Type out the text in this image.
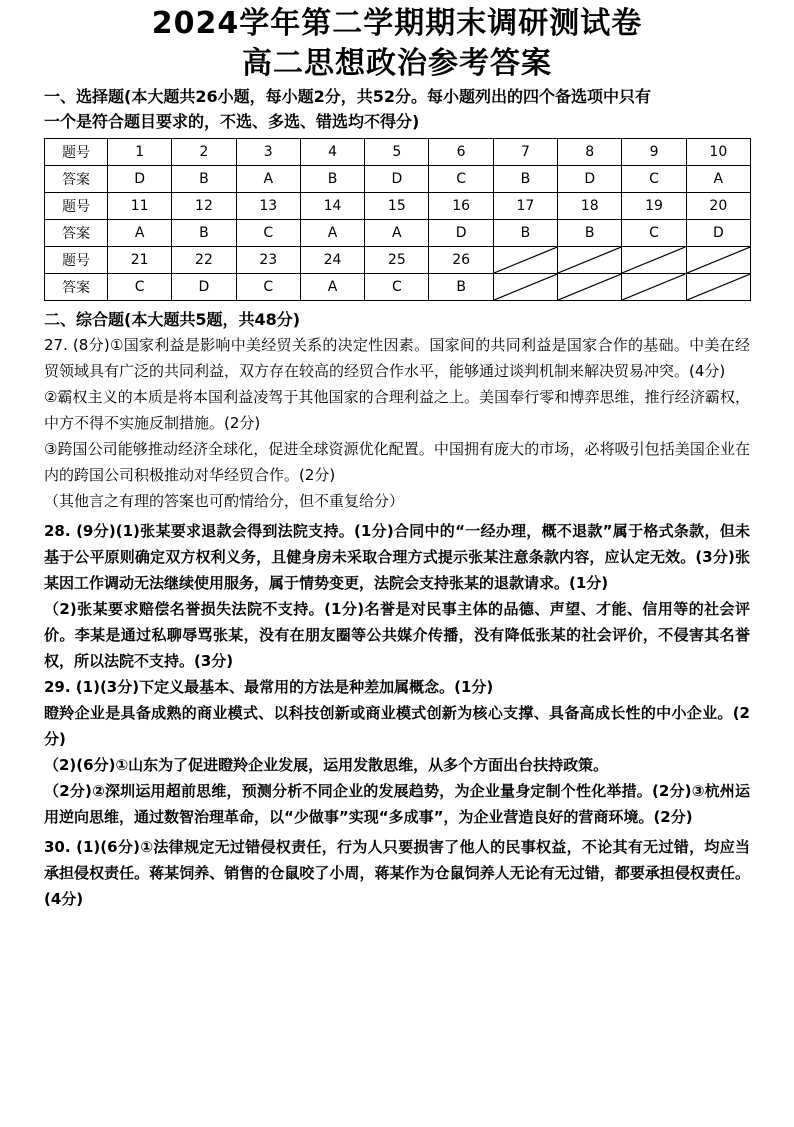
2024学年第二学期期末调研测试卷
高二思想政治参考答案
一、选择题(本大题共26小题，每小题2分，共52分。每小题列出的四个备选项中只有
一个是符合题目要求的，不选、多选、错选均不得分)
题号	1	2	3	4	5	6	7	8	9	10
答案	D	B	A	B	D	C	B	D	C	A
题号	11	12	13	14	15	16	17	18	19	20
答案	A	B	C	A	A	D	B	B	C	D
题号	21	22	23	24	25	26	

答案	C	D	C	A	C	B	

二、综合题(本大题共5题，共48分)
27. (8分)①国家利益是影响中美经贸关系的决定性因素。国家间的共同利益是国家合作的基础。中美在经贸领域具有广泛的共同利益，双方存在较高的经贸合作水平，能够通过谈判机制来解决贸易冲突。(4分)
②霸权主义的本质是将本国利益凌驾于其他国家的合理利益之上。美国奉行零和博弈思维，推行经济霸权，中方不得不实施反制措施。(2分)
③跨国公司能够推动经济全球化，促进全球资源优化配置。中国拥有庞大的市场，必将吸引包括美国企业在内的跨国公司积极推动对华经贸合作。(2分)
（其他言之有理的答案也可酌情给分，但不重复给分）
28. (9分)(1)张某要求退款会得到法院支持。(1分)合同中的“一经办理，概不退款”属于格式条款，但未基于公平原则确定双方权利义务，且健身房未采取合理方式提示张某注意条款内容，应认定无效。(3分)张某因工作调动无法继续使用服务，属于情势变更，法院会支持张某的退款请求。(1分)
（2)张某要求赔偿名誉损失法院不支持。(1分)名誉是对民事主体的品德、声望、才能、信用等的社会评价。李某是通过私聊辱骂张某，没有在朋友圈等公共媒介传播，没有降低张某的社会评价，不侵害其名誉权，所以法院不支持。(3分)
29. (1)(3分)下定义最基本、最常用的方法是种差加属概念。(1分)
瞪羚企业是具备成熟的商业模式、以科技创新或商业模式创新为核心支撑、具备高成长性的中小企业。(2分)
（2)(6分)①山东为了促进瞪羚企业发展，运用发散思维，从多个方面出台扶持政策。
（2分)②深圳运用超前思维，预测分析不同企业的发展趋势，为企业量身定制个性化举措。(2分)③杭州运用逆向思维，通过数智治理革命，以“少做事”实现“多成事”，为企业营造良好的营商环境。(2分)
30. (1)(6分)①法律规定无过错侵权责任，行为人只要损害了他人的民事权益，不论其有无过错，均应当承担侵权责任。蒋某饲养、销售的仓鼠咬了小周，蒋某作为仓鼠饲养人无论有无过错，都要承担侵权责任。(4分)
